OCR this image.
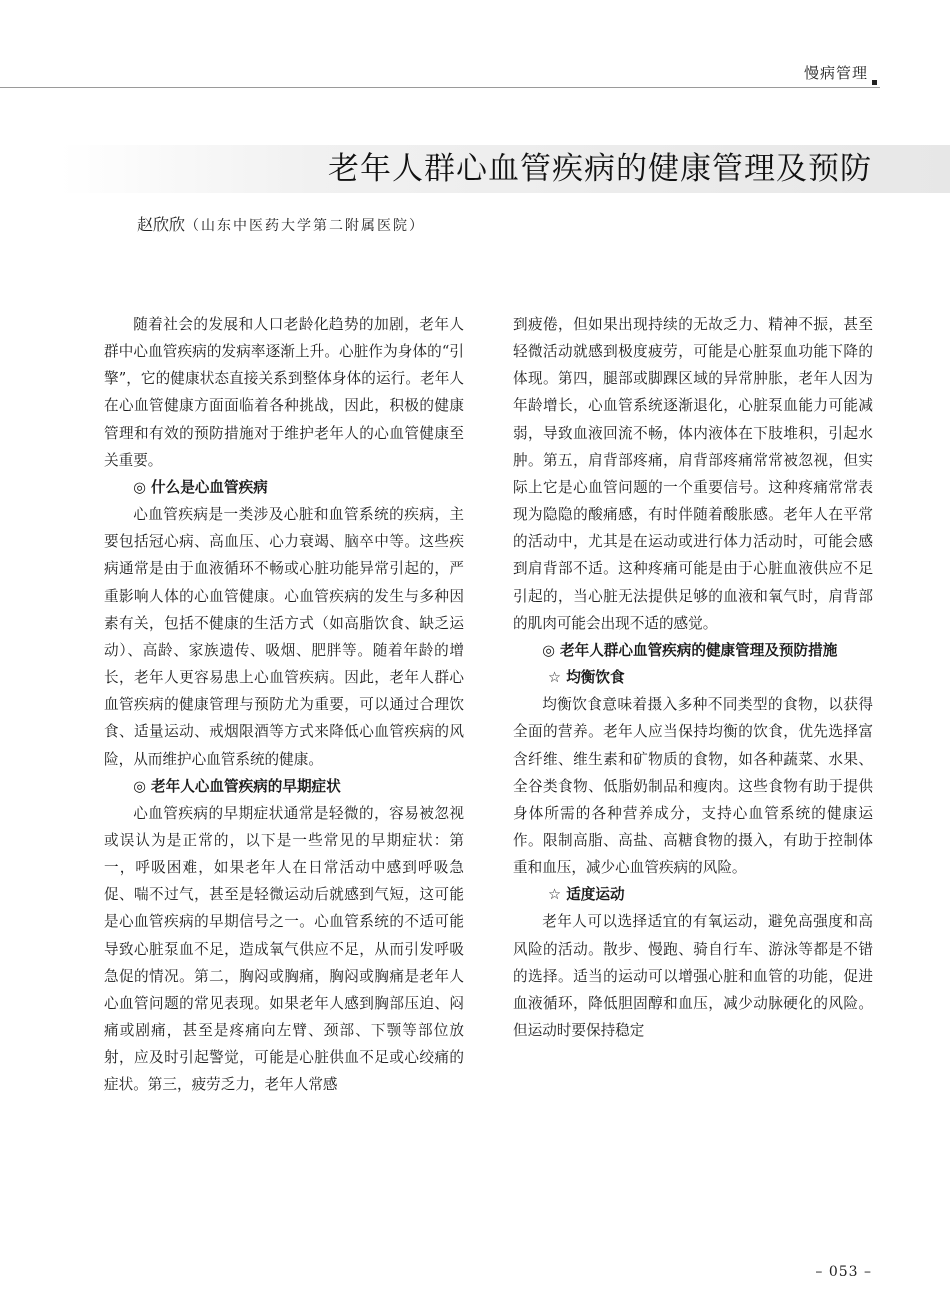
慢病管理
老年人群心血管疾病的健康管理及预防
赵欣欣（山东中医药大学第二附属医院）

随着社会的发展和人口老龄化趋势的加剧，老年人群中心血管疾病的发病率逐渐上升。心脏作为身体的“引擎”，它的健康状态直接关系到整体身体的运行。老年人在心血管健康方面面临着各种挑战，因此，积极的健康管理和有效的预防措施对于维护老年人的心血管健康至关重要。

◎ 什么是心血管疾病

心血管疾病是一类涉及心脏和血管系统的疾病，主要包括冠心病、高血压、心力衰竭、脑卒中等。这些疾病通常是由于血液循环不畅或心脏功能异常引起的，严重影响人体的心血管健康。心血管疾病的发生与多种因素有关，包括不健康的生活方式（如高脂饮食、缺乏运动）、高龄、家族遗传、吸烟、肥胖等。随着年龄的增长，老年人更容易患上心血管疾病。因此，老年人群心血管疾病的健康管理与预防尤为重要，可以通过合理饮食、适量运动、戒烟限酒等方式来降低心血管疾病的风险，从而维护心血管系统的健康。

◎ 老年人心血管疾病的早期症状

心血管疾病的早期症状通常是轻微的，容易被忽视或误认为是正常的，以下是一些常见的早期症状：第一，呼吸困难，如果老年人在日常活动中感到呼吸急促、喘不过气，甚至是轻微运动后就感到气短，这可能是心血管疾病的早期信号之一。心血管系统的不适可能导致心脏泵血不足，造成氧气供应不足，从而引发呼吸急促的情况。第二，胸闷或胸痛，胸闷或胸痛是老年人心血管问题的常见表现。如果老年人感到胸部压迫、闷痛或剧痛，甚至是疼痛向左臂、颈部、下颚等部位放射，应及时引起警觉，可能是心脏供血不足或心绞痛的症状。第三，疲劳乏力，老年人常感

到疲倦，但如果出现持续的无故乏力、精神不振，甚至轻微活动就感到极度疲劳，可能是心脏泵血功能下降的体现。第四，腿部或脚踝区域的异常肿胀，老年人因为年龄增长，心血管系统逐渐退化，心脏泵血能力可能减弱，导致血液回流不畅，体内液体在下肢堆积，引起水肿。第五，肩背部疼痛，肩背部疼痛常常被忽视，但实际上它是心血管问题的一个重要信号。这种疼痛常常表现为隐隐的酸痛感，有时伴随着酸胀感。老年人在平常的活动中，尤其是在运动或进行体力活动时，可能会感到肩背部不适。这种疼痛可能是由于心脏血液供应不足引起的，当心脏无法提供足够的血液和氧气时，肩背部的肌肉可能会出现不适的感觉。

◎ 老年人群心血管疾病的健康管理及预防措施
☆ 均衡饮食

均衡饮食意味着摄入多种不同类型的食物，以获得全面的营养。老年人应当保持均衡的饮食，优先选择富含纤维、维生素和矿物质的食物，如各种蔬菜、水果、全谷类食物、低脂奶制品和瘦肉。这些食物有助于提供身体所需的各种营养成分，支持心血管系统的健康运作。限制高脂、高盐、高糖食物的摄入，有助于控制体重和血压，减少心血管疾病的风险。

☆ 适度运动

老年人可以选择适宜的有氧运动，避免高强度和高风险的活动。散步、慢跑、骑自行车、游泳等都是不错的选择。适当的运动可以增强心脏和血管的功能，促进血液循环，降低胆固醇和血压，减少动脉硬化的风险。但运动时要保持稳定

– 053 –
